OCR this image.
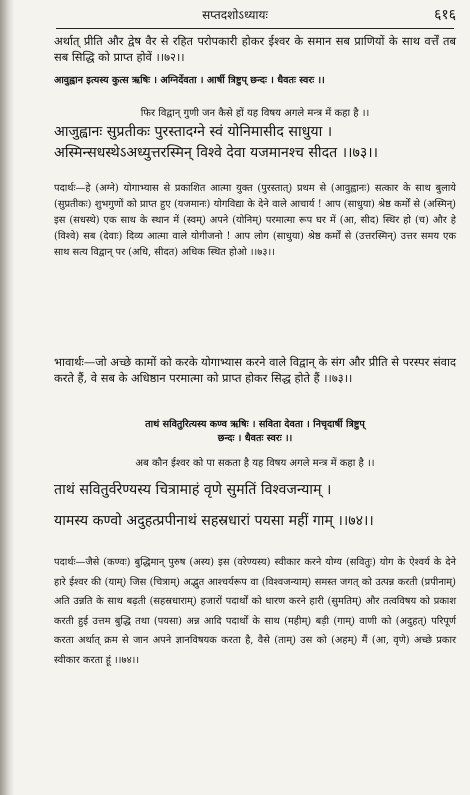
सप्तदशोऽध्यायः	६१६

अर्थात् प्रीति और द्वेष वैर से रहित परोपकारी होकर ईश्वर के समान सब प्राणियों के साथ वर्त्तें तब सब सिद्धि को प्राप्त होवें ।।७२।।

आवुह्वान इत्यस्य कुत्स ऋषिः । अग्निर्देवता । आर्षी त्रिष्टुप् छन्दः । धैवतः स्वरः ।।

फिर विद्वान् गुणी जन कैसे हों यह विषय अगले मन्त्र में कहा है ।।

आजुह्वानः सुप्रतीकः पुरस्तादग्ने स्वं योनिमासीद साधुया ।

अस्मिन्सधस्थेऽअध्युत्तरस्मिन् विश्वे देवा यजमानश्च सीदत ।।७३।।

पदार्थः—हे (अग्ने) योगाभ्यास से प्रकाशित आत्मा युक्त (पुरस्तात्) प्रथम से (आवुह्वानः) सत्कार के साथ बुलाये (सुप्रतीकः) शुभगुणों को प्राप्त हुए (यजमानः) योगविद्या के देने वाले आचार्य ! आप (साधुया) श्रेष्ठ कर्मों से (अस्मिन्) इस (सधस्थे) एक साथ के स्थान में (स्वम्) अपने (योनिम्) परमात्मा रूप घर में (आ, सीद) स्थिर हो (च) और हे (विश्वे) सब (देवाः) दिव्य आत्मा वाले योगीजनो ! आप लोग (साधुया) श्रेष्ठ कर्मों से (उत्तरस्मिन्) उत्तर समय एक साथ सत्य विद्वान् पर (अधि, सीदत) अधिक स्थित होओ ।।७३।।

भावार्थः—जो अच्छे कामों को करके योगाभ्यास करने वाले विद्वान् के संग और प्रीति से परस्पर संवाद करते हैं, वे सब के अधिष्ठान परमात्मा को प्राप्त होकर सिद्ध होते हैं ।।७३।।

ताथं सवितुरित्यस्य कण्व ऋषिः । सविता देवता । निचृदार्षी त्रिष्टुप्

छन्दः । धैवतः स्वरः ।।

अब कौन ईश्वर को पा सकता है यह विषय अगले मन्त्र में कहा है ।।

ताथं सवितुर्वरेण्यस्य चित्रामाहं वृणे सुमतिं विश्वजन्याम् ।

यामस्य कण्वो अदुहत्प्रपीनाथं सहस्रधारां पयसा महीं गाम् ।।७४।।

पदार्थः—जैसे (कण्वः) बुद्धिमान् पुरुष (अस्य) इस (वरेण्यस्य) स्वीकार करने योग्य (सवितुः) योग के ऐश्वर्य के देने हारे ईश्वर की (याम्) जिस (चित्राम्) अद्भुत आश्चर्यरूप वा (विश्वजन्याम्) समस्त जगत् को उत्पन्न करती (प्रपीनाम्) अति उन्नति के साथ बढ़ती (सहस्रधाराम्) हजारों पदार्थों को धारण करने हारी (सुमतिम्) और तत्वविषय को प्रकाश करती हुई उत्तम बुद्धि तथा (पयसा) अन्न आदि पदार्थों के साथ (महीम्) बड़ी (गाम्) वाणी को (अदुहत्) परिपूर्ण करता अर्थात् क्रम से जान अपने ज्ञानविषयक करता है, वैसे (ताम्) उस को (अहम्) मैं (आ, वृणे) अच्छे प्रकार स्वीकार करता हूं ।।७४।।
